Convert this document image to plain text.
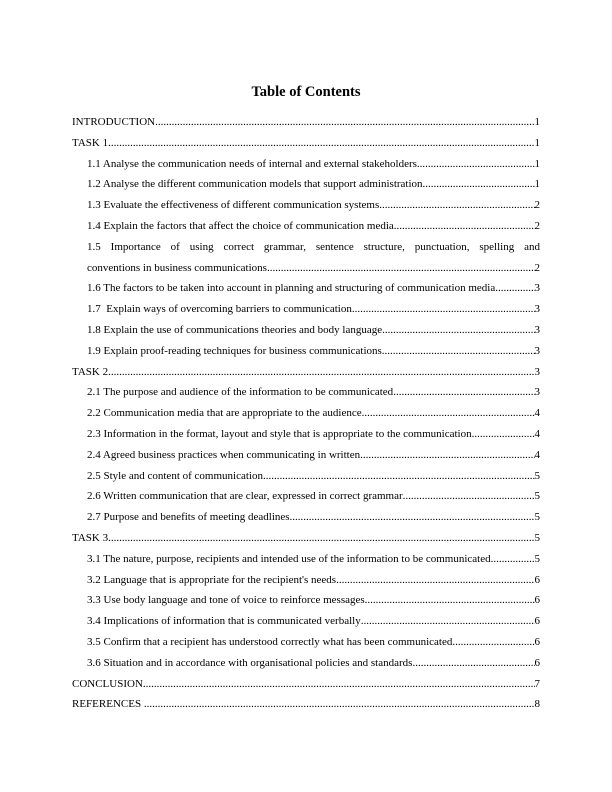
Table of Contents
INTRODUCTION .....	1
TASK 1 .....	1
1.1 Analyse the communication needs of internal and external stakeholders .....	1
1.2 Analyse the different communication models that support administration .....	1
1.3 Evaluate the effectiveness of different communication systems .....	2
1.4 Explain the factors that affect the choice of communication media .....	2
1.5 Importance of using correct grammar, sentence structure, punctuation, spelling and
conventions in business communications .....	2
1.6 The factors to be taken into account in planning and structuring of communication media .....	3
1.7  Explain ways of overcoming barriers to communication .....	3
1.8 Explain the use of communications theories and body language .....	3
1.9 Explain proof-reading techniques for business communications .....	3
TASK 2 .....	3
2.1 The purpose and audience of the information to be communicated .....	3
2.2 Communication media that are appropriate to the audience .....	4
2.3 Information in the format, layout and style that is appropriate to the communication .....	4
2.4 Agreed business practices when communicating in written .....	4
2.5 Style and content of communication .....	5
2.6 Written communication that are clear, expressed in correct grammar .....	5
2.7 Purpose and benefits of meeting deadlines .....	5
TASK 3 .....	5
3.1 The nature, purpose, recipients and intended use of the information to be communicated. .....	5
3.2 Language that is appropriate for the recipient's needs .....	6
3.3 Use body language and tone of voice to reinforce messages .....	6
3.4 Implications of information that is communicated verbally .....	6
3.5 Confirm that a recipient has understood correctly what has been communicated .....	6
3.6 Situation and in accordance with organisational policies and standards .....	6
CONCLUSION .....	7
REFERENCES .....	8
